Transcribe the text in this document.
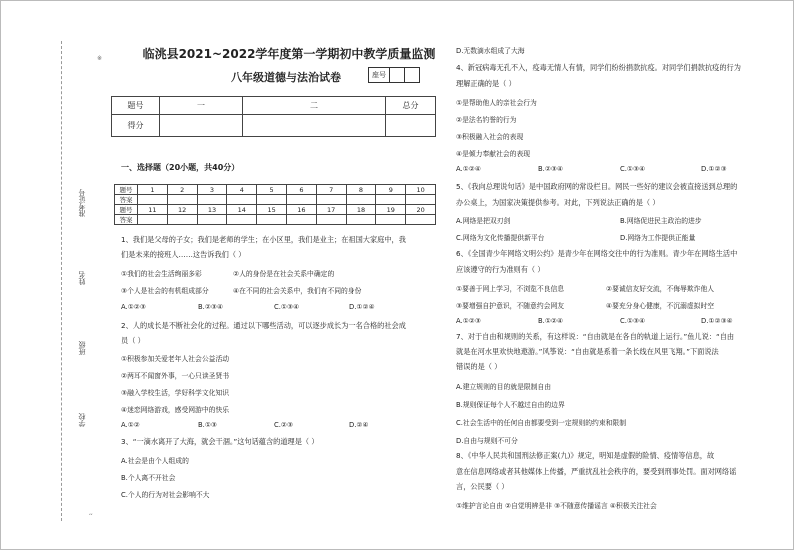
※
‘‘
准考证号
姓名
班级
学校
临洮县2021~2022学年度第一学期初中教学质量监测
八年级道德与法治试卷	座号
题号	一	二	总分
得分			
一、选择题（20小题，共40分）
题号	1	2	3	4	5	6	7	8	9	10
答案										
题号	11	12	13	14	15	16	17	18	19	20
答案										
1、我们是父母的子女；我们是老师的学生；在小区里，我们是业主；在祖国大家庭中，我
们是未来的接班人……这告诉我们（ ）
①我们的社会生活绚丽多彩	②人的身份是在社会关系中确定的
③个人是社会的有机组成部分	④在不同的社会关系中，我们有不同的身份
A.①②③	B.②③④	C.①③④	D.①②④
2、人的成长是不断社会化的过程。通过以下哪些活动，可以逐步成长为一名合格的社会成
员（ ）
①积极参加关爱老年人社会公益活动
②两耳不闻窗外事，一心只读圣贤书
③融入学校生活，学好科学文化知识
④迷恋网络游戏，感受网游中的快乐
A.①②	B.①③	C.②③	D.②④
3、“一滴水离开了大海，就会干涸。”这句话蕴含的道理是（ ）
A.社会是由个人组成的
B.个人离不开社会
C.个人的行为对社会影响不大
D.无数滴水组成了大海
4、新冠病毒无孔不入，疫毒无情人有情，同学们纷纷捐款抗疫。对同学们捐款抗疫的行为
理解正确的是（ ）
①是帮助他人的亲社会行为
②是法名钓誉的行为
③积极融入社会的表现
④是倾力奉献社会的表现
A.①②④	B.②③④	C.①③④	D.①②③
5、《我向总理说句话》是中国政府网的常设栏目。网民一些好的建议会被直接送到总理的
办公桌上，为国家决策提供参考。对此，下列说法正确的是（ ）
A.网络是把双刃剑	B.网络促进民主政治的进步
C.网络为文化传播提供新平台	D.网络为工作提供正能量
6、《全国青少年网络文明公约》是青少年在网络交往中的行为准则。青少年在网络生活中
应该遵守的行为准则有（ ）
①要善于网上学习，不浏览不良信息	②要诚信友好交流，不侮辱欺诈他人
③要增强自护意识，不随意约会网友	④要充分身心健康，不沉溺虚拟时空
A.①②③	B.①②④	C.①③④	D.①②③④
7、对于自由和规则的关系，有这样说：“自由就是在各自的轨道上运行。”鱼儿说：“自由
就是在河水里欢快地遨游。”风筝说：“自由就是系着一条长线在风里飞翔。”下面说法
错误的是（ ）
A.建立规则的目的就是限制自由
B.规则保证每个人不越过自由的边界
C.社会生活中的任何自由都要受到一定规则的约束和限制
D.自由与规则不可分
8、《中华人民共和国刑法修正案(九)》规定，明知是虚假的险情、疫情等信息，故
意在信息网络或者其他媒体上传播，严重扰乱社会秩序的，要受到刑事处罚。面对网络谣
言，公民要（ ）
①维护言论自由 ②自觉明辨是非 ③不随意传播谣言 ④积极关注社会
